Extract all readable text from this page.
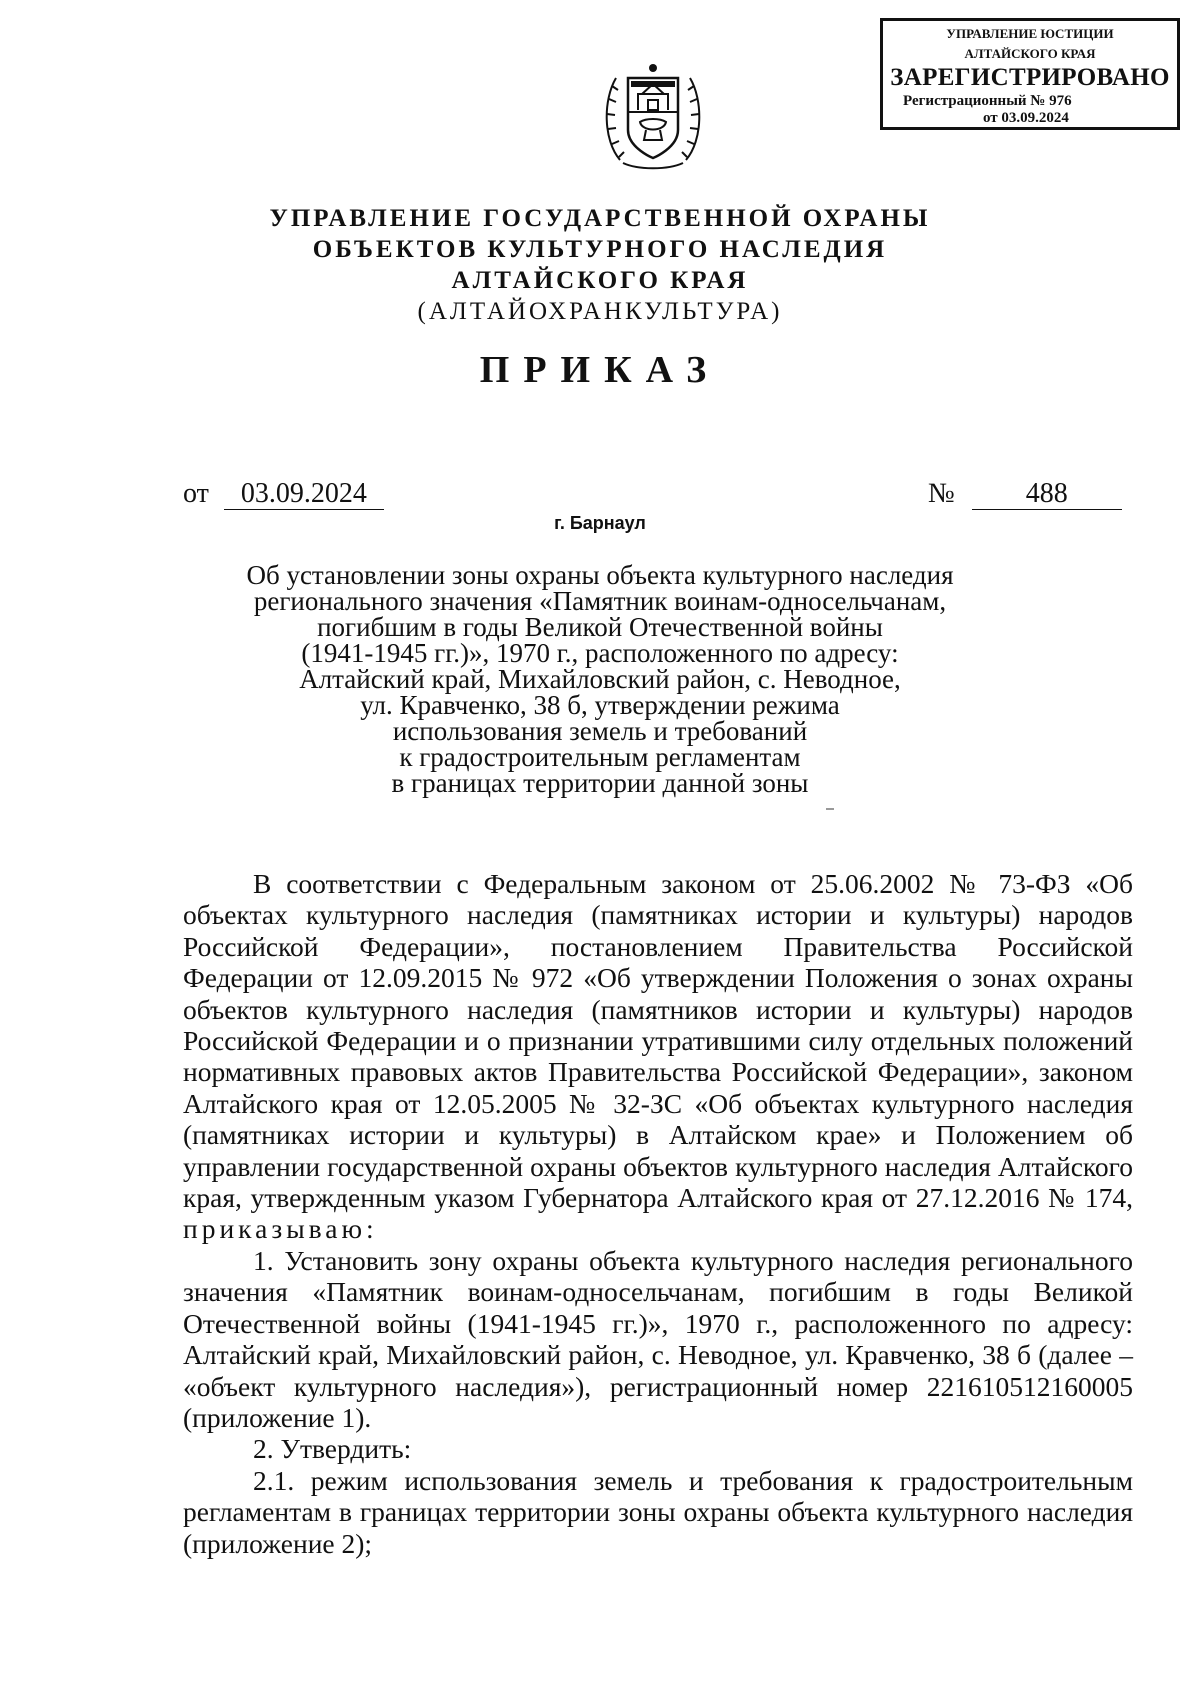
УПРАВЛЕНИЕ ЮСТИЦИИ
АЛТАЙСКОГО КРАЯ
ЗАРЕГИСТРИРОВАНО
Регистрационный № 976
от 03.09.2024
УПРАВЛЕНИЕ ГОСУДАРСТВЕННОЙ ОХРАНЫ
ОБЪЕКТОВ КУЛЬТУРНОГО НАСЛЕДИЯ
АЛТАЙСКОГО КРАЯ
(АЛТАЙОХРАНКУЛЬТУРА)
ПРИКАЗ
от 03.09.2024	№	488
г. Барнаул
Об установлении зоны охраны объекта культурного наследия
регионального значения «Памятник воинам-односельчанам,
погибшим в годы Великой Отечественной войны
(1941-1945 гг.)», 1970 г., расположенного по адресу:
Алтайский край, Михайловский район, с. Неводное,
ул. Кравченко, 38 б, утверждении режима
использования земель и требований
к градостроительным регламентам
в границах территории данной зоны

В соответствии с Федеральным законом от 25.06.2002 № 73-ФЗ «Об объектах культурного наследия (памятниках истории и культуры) народов Российской Федерации», постановлением Правительства Российской Федерации от 12.09.2015 № 972 «Об утверждении Положения о зонах охраны объектов культурного наследия (памятников истории и культуры) народов Российской Федерации и о признании утратившими силу отдельных положений нормативных правовых актов Правительства Российской Федерации», законом Алтайского края от 12.05.2005 № 32-ЗС «Об объектах культурного наследия (памятниках истории и культуры) в Алтайском крае» и Положением об управлении государственной охраны объектов культурного наследия Алтайского края, утвержденным указом Губернатора Алтайского края от 27.12.2016 № 174, приказываю:

1. Установить зону охраны объекта культурного наследия регионального значения «Памятник воинам-односельчанам, погибшим в годы Великой Отечественной войны (1941-1945 гг.)», 1970 г., расположенного по адресу: Алтайский край, Михайловский район, с. Неводное, ул. Кравченко, 38 б (далее – «объект культурного наследия»), регистрационный номер 221610512160005 (приложение 1).

2. Утвердить:

2.1. режим использования земель и требования к градостроительным регламентам в границах территории зоны охраны объекта культурного наследия (приложение 2);
